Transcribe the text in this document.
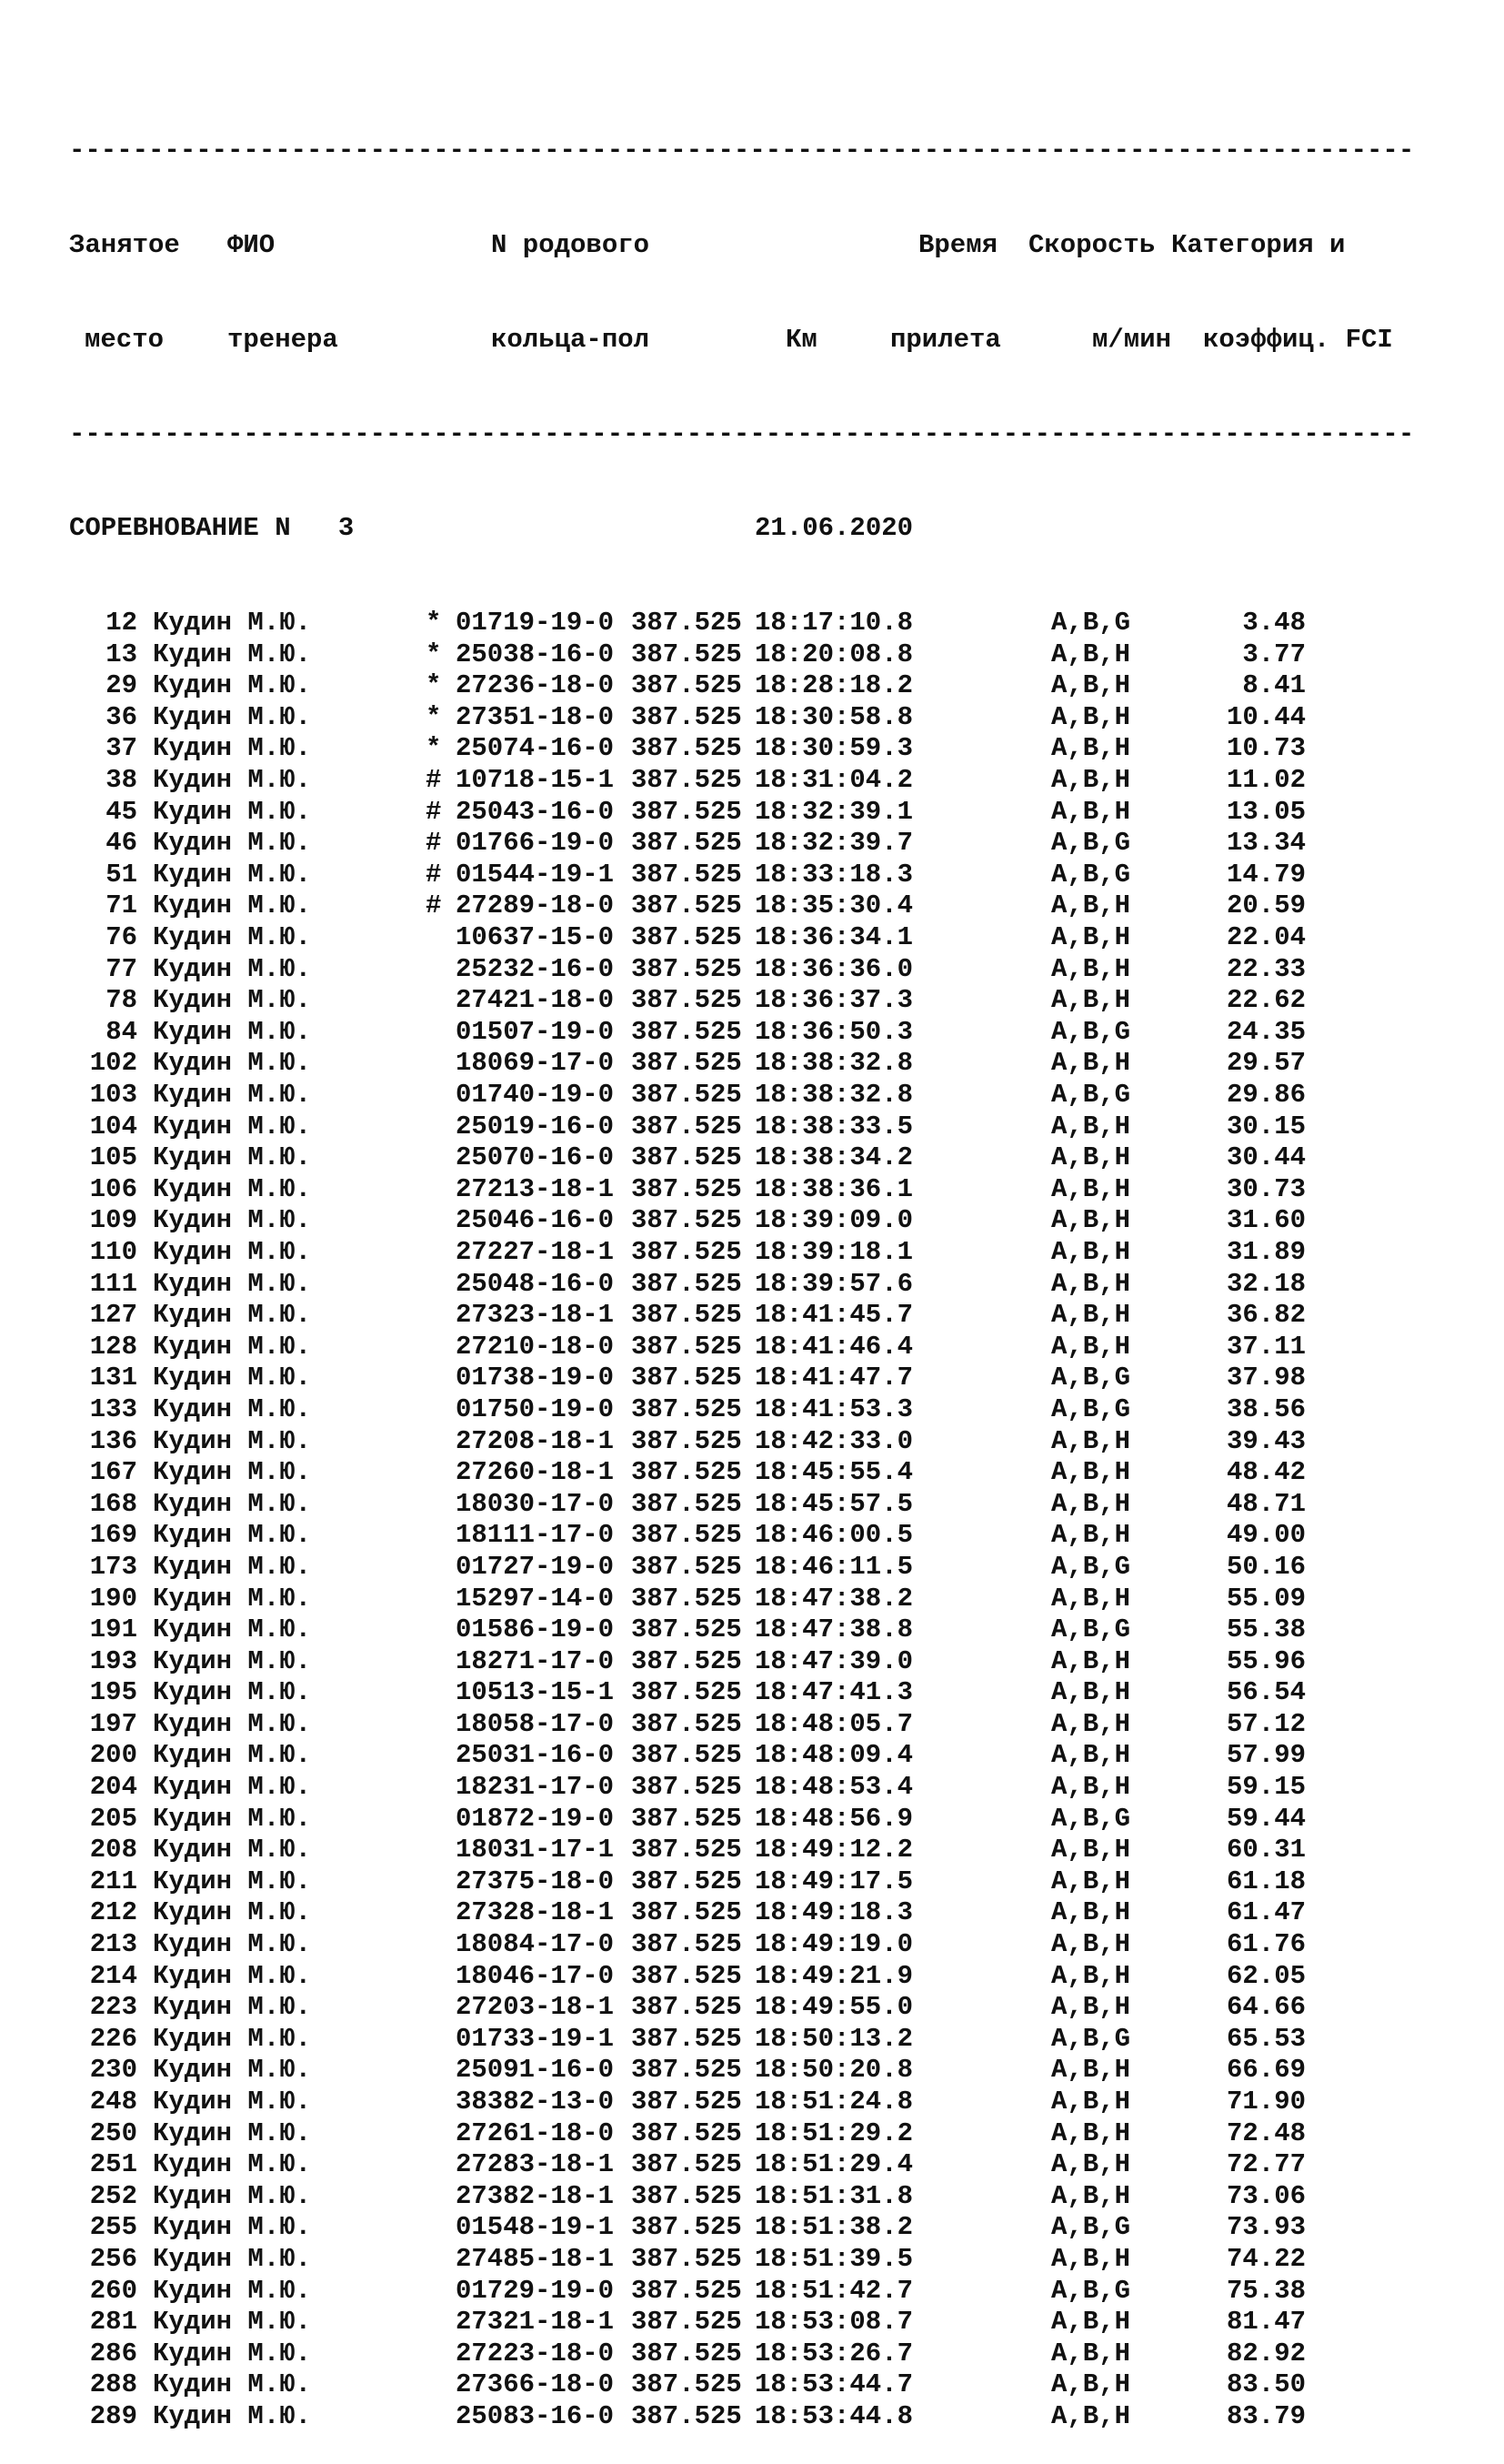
-------------------------------------------------------------------------------------

Занятое ФИО	N родового	Время Скорость Категория и

место тренера	кольца-пол	Км	прилета	м/мин коэффиц. FCI

-------------------------------------------------------------------------------------

СОРЕВНОВАНИЕ N 3	21.06.2020

12 Кудин М.Ю.	* 01719-19-0 387.525 18:17:10.8	A,B,G	3.48
13 Кудин М.Ю.	* 25038-16-0 387.525 18:20:08.8	A,B,H	3.77
29 Кудин М.Ю.	* 27236-18-0 387.525 18:28:18.2	A,B,H	8.41
36 Кудин М.Ю.	* 27351-18-0 387.525 18:30:58.8	A,B,H	10.44
37 Кудин М.Ю.	* 25074-16-0 387.525 18:30:59.3	A,B,H	10.73
38 Кудин М.Ю.	# 10718-15-1 387.525 18:31:04.2	A,B,H	11.02
45 Кудин М.Ю.	# 25043-16-0 387.525 18:32:39.1	A,B,H	13.05
46 Кудин М.Ю.	# 01766-19-0 387.525 18:32:39.7	A,B,G	13.34
51 Кудин М.Ю.	# 01544-19-1 387.525 18:33:18.3	A,B,G	14.79
71 Кудин М.Ю.	# 27289-18-0 387.525 18:35:30.4	A,B,H	20.59
76 Кудин М.Ю.	10637-15-0 387.525 18:36:34.1	A,B,H	22.04
77 Кудин М.Ю.	25232-16-0 387.525 18:36:36.0	A,B,H	22.33
78 Кудин М.Ю.	27421-18-0 387.525 18:36:37.3	A,B,H	22.62
84 Кудин М.Ю.	01507-19-0 387.525 18:36:50.3	A,B,G	24.35
102 Кудин М.Ю.	18069-17-0 387.525 18:38:32.8	A,B,H	29.57
103 Кудин М.Ю.	01740-19-0 387.525 18:38:32.8	A,B,G	29.86
104 Кудин М.Ю.	25019-16-0 387.525 18:38:33.5	A,B,H	30.15
105 Кудин М.Ю.	25070-16-0 387.525 18:38:34.2	A,B,H	30.44
106 Кудин М.Ю.	27213-18-1 387.525 18:38:36.1	A,B,H	30.73
109 Кудин М.Ю.	25046-16-0 387.525 18:39:09.0	A,B,H	31.60
110 Кудин М.Ю.	27227-18-1 387.525 18:39:18.1	A,B,H	31.89
111 Кудин М.Ю.	25048-16-0 387.525 18:39:57.6	A,B,H	32.18
127 Кудин М.Ю.	27323-18-1 387.525 18:41:45.7	A,B,H	36.82
128 Кудин М.Ю.	27210-18-0 387.525 18:41:46.4	A,B,H	37.11
131 Кудин М.Ю.	01738-19-0 387.525 18:41:47.7	A,B,G	37.98
133 Кудин М.Ю.	01750-19-0 387.525 18:41:53.3	A,B,G	38.56
136 Кудин М.Ю.	27208-18-1 387.525 18:42:33.0	A,B,H	39.43
167 Кудин М.Ю.	27260-18-1 387.525 18:45:55.4	A,B,H	48.42
168 Кудин М.Ю.	18030-17-0 387.525 18:45:57.5	A,B,H	48.71
169 Кудин М.Ю.	18111-17-0 387.525 18:46:00.5	A,B,H	49.00
173 Кудин М.Ю.	01727-19-0 387.525 18:46:11.5	A,B,G	50.16
190 Кудин М.Ю.	15297-14-0 387.525 18:47:38.2	A,B,H	55.09
191 Кудин М.Ю.	01586-19-0 387.525 18:47:38.8	A,B,G	55.38
193 Кудин М.Ю.	18271-17-0 387.525 18:47:39.0	A,B,H	55.96
195 Кудин М.Ю.	10513-15-1 387.525 18:47:41.3	A,B,H	56.54
197 Кудин М.Ю.	18058-17-0 387.525 18:48:05.7	A,B,H	57.12
200 Кудин М.Ю.	25031-16-0 387.525 18:48:09.4	A,B,H	57.99
204 Кудин М.Ю.	18231-17-0 387.525 18:48:53.4	A,B,H	59.15
205 Кудин М.Ю.	01872-19-0 387.525 18:48:56.9	A,B,G	59.44
208 Кудин М.Ю.	18031-17-1 387.525 18:49:12.2	A,B,H	60.31
211 Кудин М.Ю.	27375-18-0 387.525 18:49:17.5	A,B,H	61.18
212 Кудин М.Ю.	27328-18-1 387.525 18:49:18.3	A,B,H	61.47
213 Кудин М.Ю.	18084-17-0 387.525 18:49:19.0	A,B,H	61.76
214 Кудин М.Ю.	18046-17-0 387.525 18:49:21.9	A,B,H	62.05
223 Кудин М.Ю.	27203-18-1 387.525 18:49:55.0	A,B,H	64.66
226 Кудин М.Ю.	01733-19-1 387.525 18:50:13.2	A,B,G	65.53
230 Кудин М.Ю.	25091-16-0 387.525 18:50:20.8	A,B,H	66.69
248 Кудин М.Ю.	38382-13-0 387.525 18:51:24.8	A,B,H	71.90
250 Кудин М.Ю.	27261-18-0 387.525 18:51:29.2	A,B,H	72.48
251 Кудин М.Ю.	27283-18-1 387.525 18:51:29.4	A,B,H	72.77
252 Кудин М.Ю.	27382-18-1 387.525 18:51:31.8	A,B,H	73.06
255 Кудин М.Ю.	01548-19-1 387.525 18:51:38.2	A,B,G	73.93
256 Кудин М.Ю.	27485-18-1 387.525 18:51:39.5	A,B,H	74.22
260 Кудин М.Ю.	01729-19-0 387.525 18:51:42.7	A,B,G	75.38
281 Кудин М.Ю.	27321-18-1 387.525 18:53:08.7	A,B,H	81.47
286 Кудин М.Ю.	27223-18-0 387.525 18:53:26.7	A,B,H	82.92
288 Кудин М.Ю.	27366-18-0 387.525 18:53:44.7	A,B,H	83.50
289 Кудин М.Ю.	25083-16-0 387.525 18:53:44.8	A,B,H	83.79
